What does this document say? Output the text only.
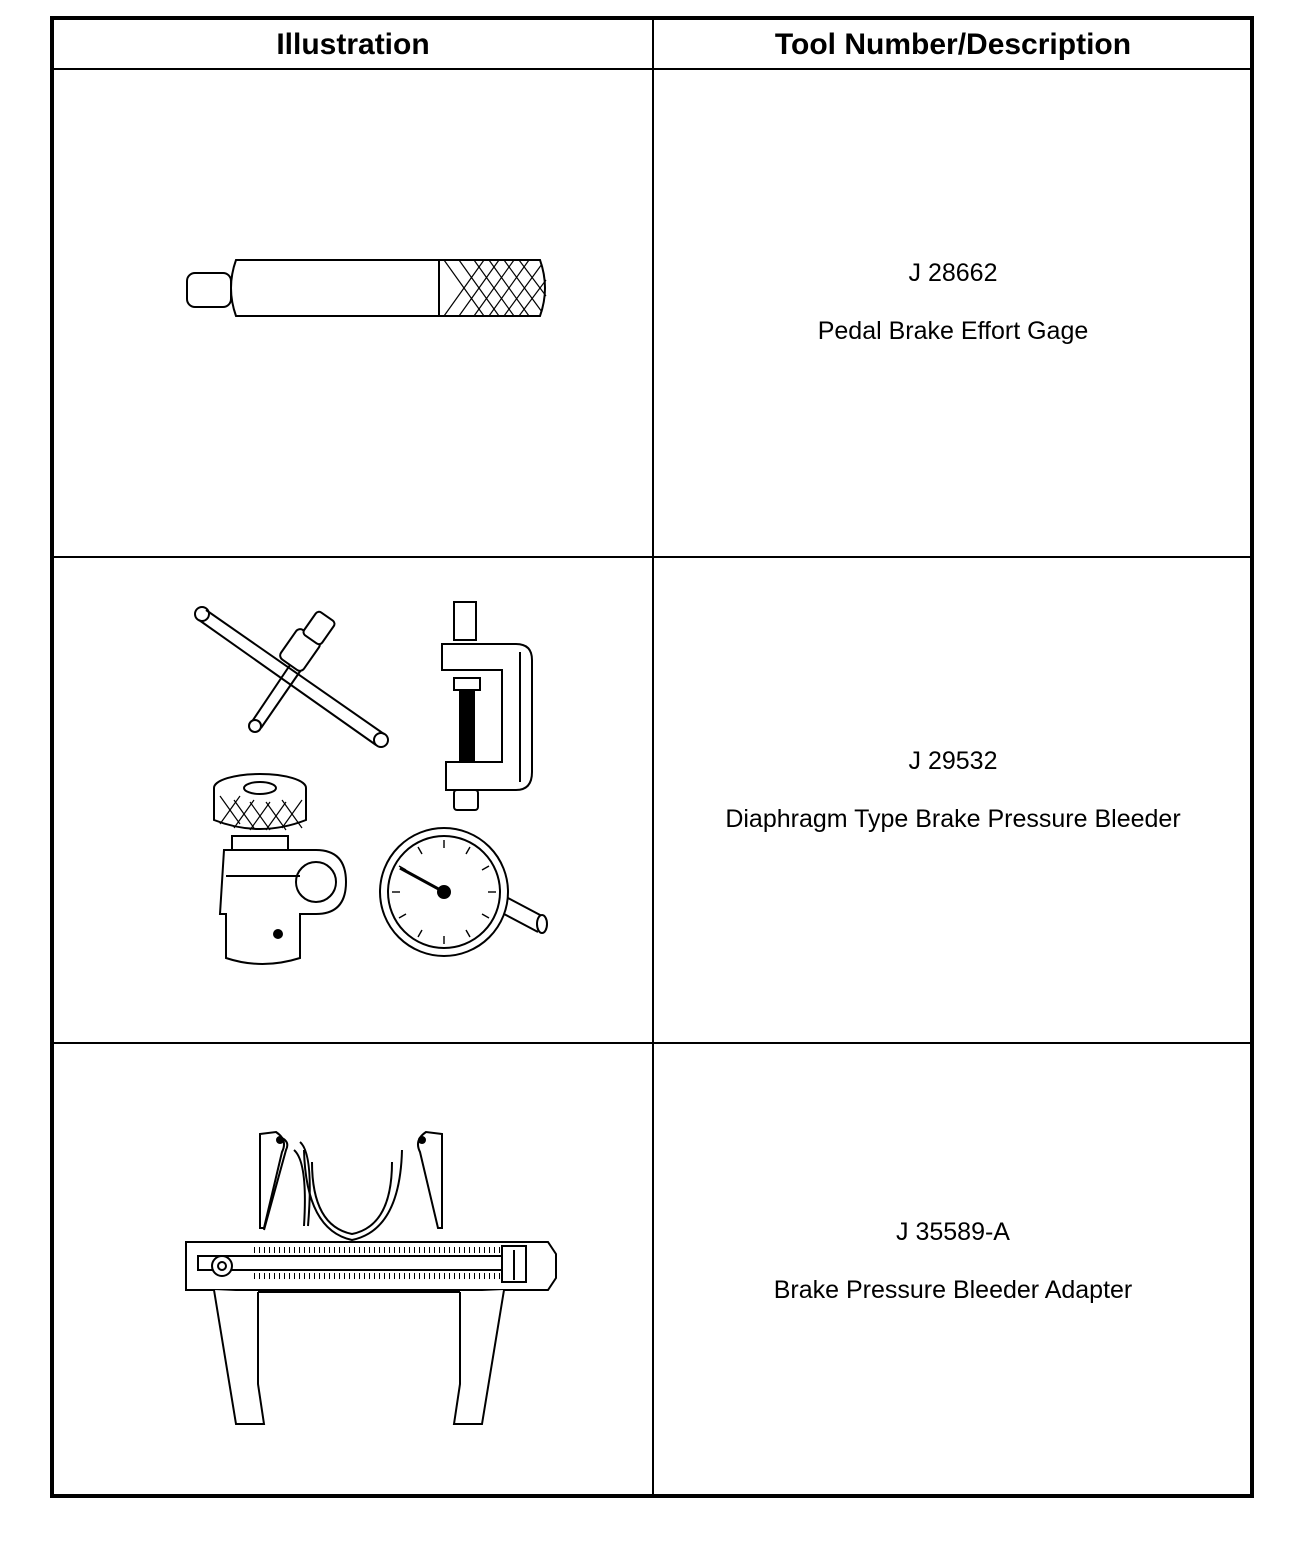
Illustration	Tool Number/Description
J 28662
Pedal Brake Effort Gage
J 29532
Diaphragm Type Brake Pressure Bleeder
J 35589-A
Brake Pressure Bleeder Adapter
